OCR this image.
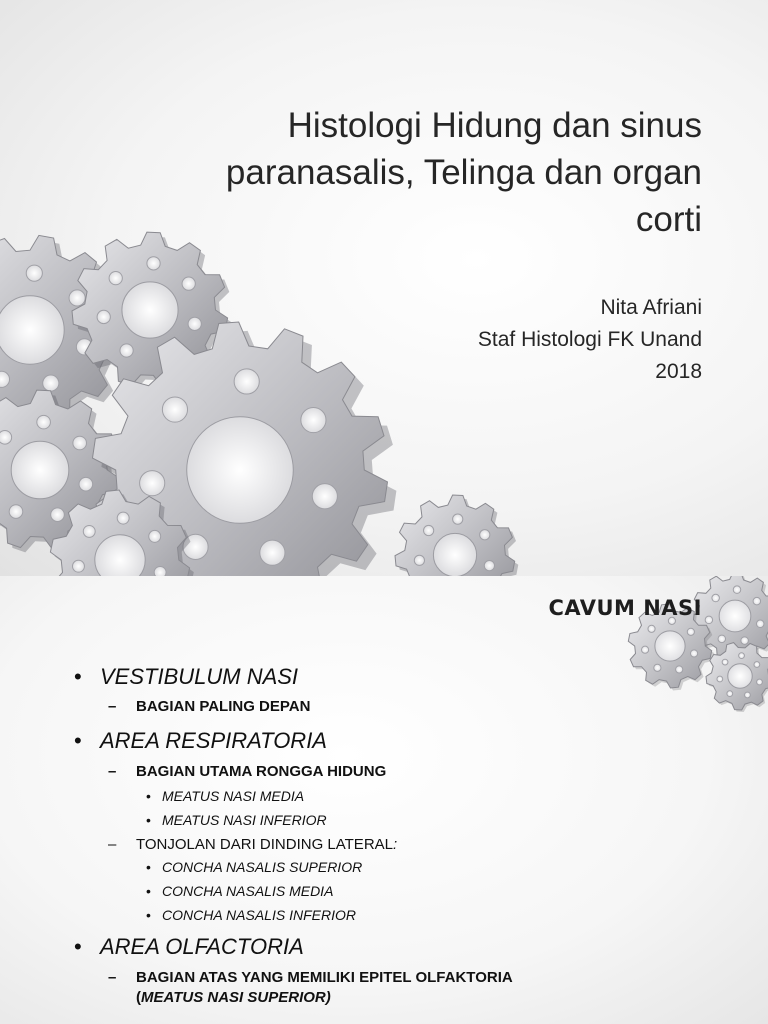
Histologi Hidung dan sinus
paranasalis, Telinga dan organ
corti
Nita Afriani
Staf Histologi FK Unand
2018
CAVUM NASI
• VESTIBULUM NASI
– BAGIAN PALING DEPAN
• AREA RESPIRATORIA
– BAGIAN UTAMA RONGGA HIDUNG
• MEATUS NASI MEDIA
• MEATUS NASI INFERIOR
– TONJOLAN DARI DINDING LATERAL:
• CONCHA NASALIS SUPERIOR
• CONCHA NASALIS MEDIA
• CONCHA NASALIS INFERIOR
• AREA OLFACTORIA
– BAGIAN ATAS YANG MEMILIKI EPITEL OLFAKTORIA
(MEATUS NASI SUPERIOR)
